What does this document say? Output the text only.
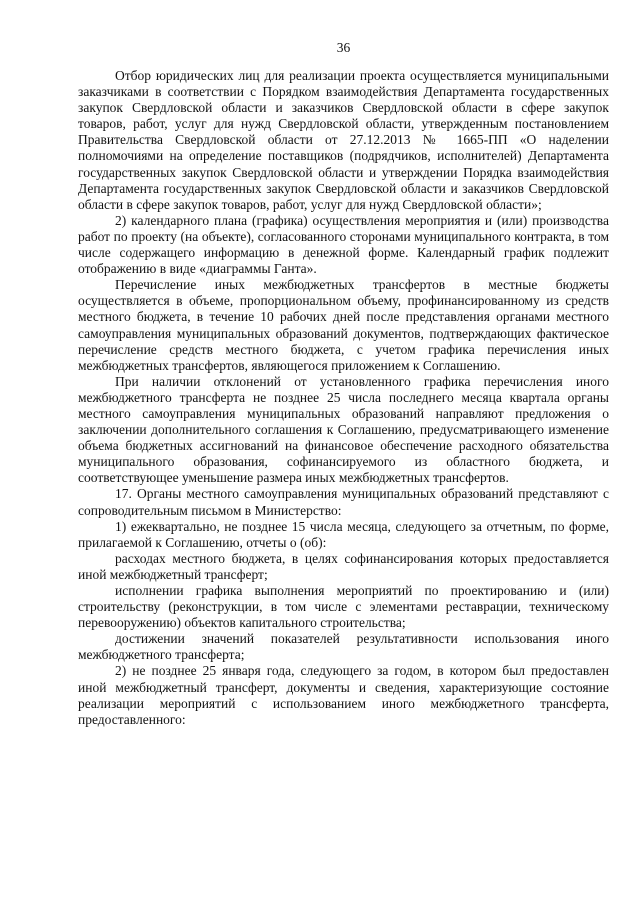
36

Отбор юридических лиц для реализации проекта осуществляется муниципальными заказчиками в соответствии с Порядком взаимодействия Департамента государственных закупок Свердловской области и заказчиков Свердловской области в сфере закупок товаров, работ, услуг для нужд Свердловской области, утвержденным постановлением Правительства Свердловской области от 27.12.2013 № 1665-ПП «О наделении полномочиями на определение поставщиков (подрядчиков, исполнителей) Департамента государственных закупок Свердловской области и утверждении Порядка взаимодействия Департамента государственных закупок Свердловской области и заказчиков Свердловской области в сфере закупок товаров, работ, услуг для нужд Свердловской области»;

2) календарного плана (графика) осуществления мероприятия и (или) производства работ по проекту (на объекте), согласованного сторонами муниципального контракта, в том числе содержащего информацию в денежной форме. Календарный график подлежит отображению в виде «диаграммы Ганта».

Перечисление иных межбюджетных трансфертов в местные бюджеты осуществляется в объеме, пропорциональном объему, профинансированному из средств местного бюджета, в течение 10 рабочих дней после представления органами местного самоуправления муниципальных образований документов, подтверждающих фактическое перечисление средств местного бюджета, с учетом графика перечисления иных межбюджетных трансфертов, являющегося приложением к Соглашению.

При наличии отклонений от установленного графика перечисления иного межбюджетного трансферта не позднее 25 числа последнего месяца квартала органы местного самоуправления муниципальных образований направляют предложения о заключении дополнительного соглашения к Соглашению, предусматривающего изменение объема бюджетных ассигнований на финансовое обеспечение расходного обязательства муниципального образования, софинансируемого из областного бюджета, и соответствующее уменьшение размера иных межбюджетных трансфертов.

17. Органы местного самоуправления муниципальных образований представляют с сопроводительным письмом в Министерство:

1) ежеквартально, не позднее 15 числа месяца, следующего за отчетным, по форме, прилагаемой к Соглашению, отчеты о (об):

расходах местного бюджета, в целях софинансирования которых предоставляется иной межбюджетный трансферт;

исполнении графика выполнения мероприятий по проектированию и (или) строительству (реконструкции, в том числе с элементами реставрации, техническому перевооружению) объектов капитального строительства;

достижении значений показателей результативности использования иного межбюджетного трансферта;

2) не позднее 25 января года, следующего за годом, в котором был предоставлен иной межбюджетный трансферт, документы и сведения, характеризующие состояние реализации мероприятий с использованием иного межбюджетного трансферта, предоставленного:
